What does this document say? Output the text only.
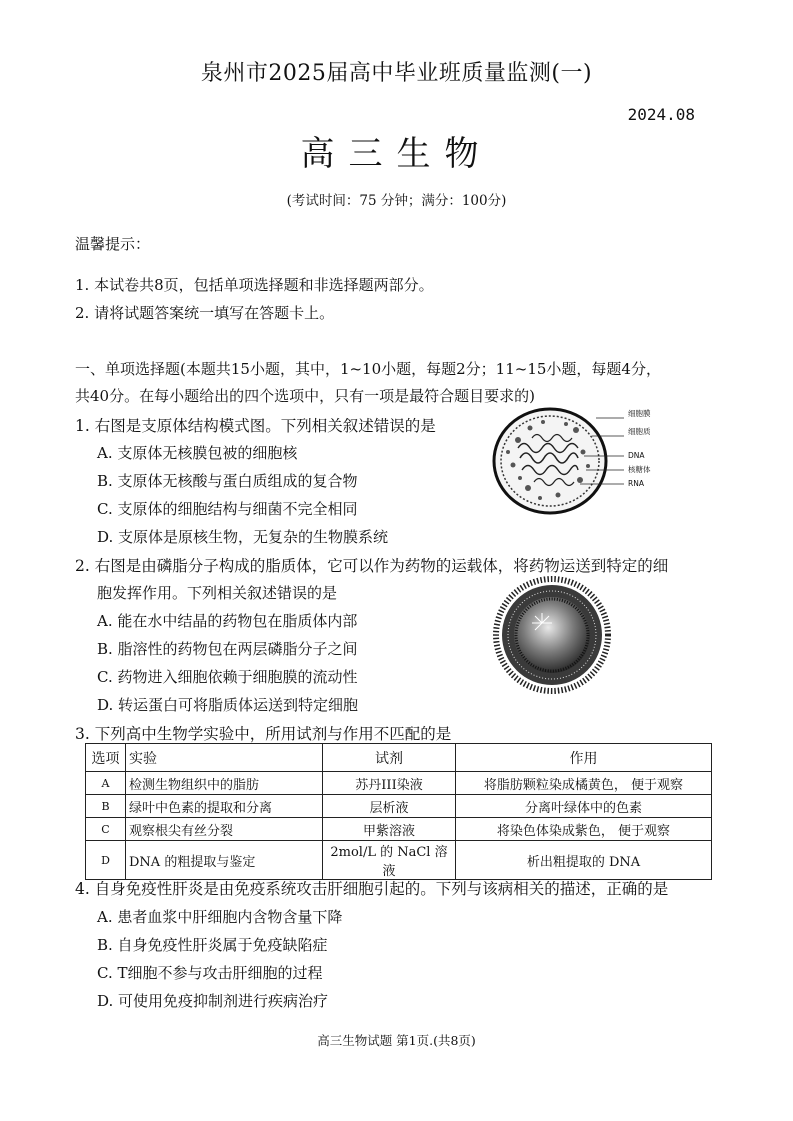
泉州市2025届高中毕业班质量监测(一)
2024.08
高三生物
(考试时间：75 分钟；满分：100分)
温馨提示：
1. 本试卷共8页，包括单项选择题和非选择题两部分。
2. 请将试题答案统一填写在答题卡上。
一、单项选择题(本题共15小题，其中，1~10小题，每题2分；11~15小题，每题4分，
共40分。在每小题给出的四个选项中，只有一项是最符合题目要求的)
1. 右图是支原体结构模式图。下列相关叙述错误的是
A. 支原体无核膜包被的细胞核
B. 支原体无核酸与蛋白质组成的复合物
C. 支原体的细胞结构与细菌不完全相同
D. 支原体是原核生物，无复杂的生物膜系统
细胞膜
细胞质
DNA
核糖体
RNA
2. 右图是由磷脂分子构成的脂质体，它可以作为药物的运载体，将药物运送到特定的细
胞发挥作用。下列相关叙述错误的是
A. 能在水中结晶的药物包在脂质体内部
B. 脂溶性的药物包在两层磷脂分子之间
C. 药物进入细胞依赖于细胞膜的流动性
D. 转运蛋白可将脂质体运送到特定细胞
3. 下列高中生物学实验中，所用试剂与作用不匹配的是
选项	实验	试剂	作用
A	检测生物组织中的脂肪	苏丹III染液	将脂肪颗粒染成橘黄色， 便于观察
B	绿叶中色素的提取和分离	层析液	分离叶绿体中的色素
C	观察根尖有丝分裂	甲紫溶液	将染色体染成紫色， 便于观察
D	DNA 的粗提取与鉴定	2mol/L 的 NaCl 溶液	析出粗提取的 DNA
4. 自身免疫性肝炎是由免疫系统攻击肝细胞引起的。下列与该病相关的描述，正确的是
A. 患者血浆中肝细胞内含物含量下降
B. 自身免疫性肝炎属于免疫缺陷症
C. T细胞不参与攻击肝细胞的过程
D. 可使用免疫抑制剂进行疾病治疗
高三生物试题 第1页.(共8页)
